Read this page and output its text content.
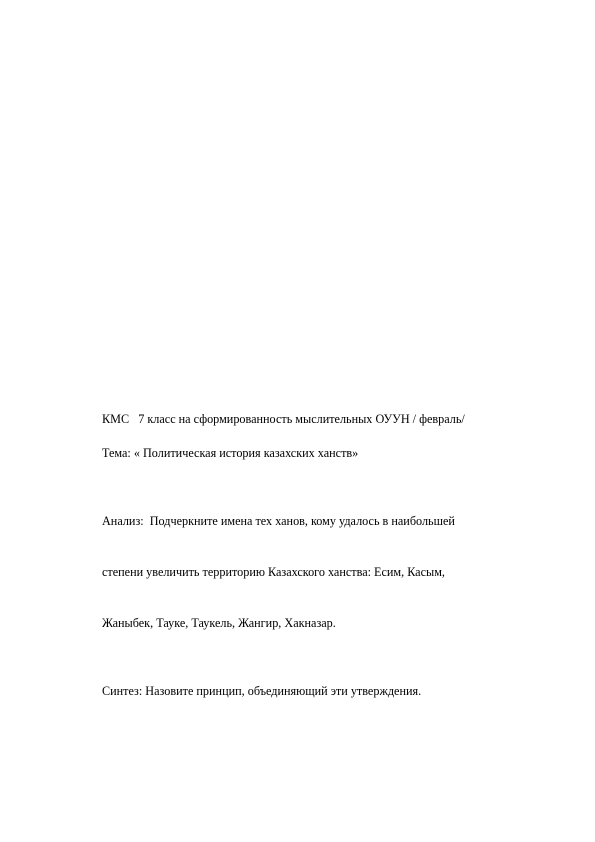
КМС   7 класс на сформированность мыслительных ОУУН / февраль/

Тема: « Политическая история казахских ханств»

Анализ:  Подчеркните имена тех ханов, кому удалось в наибольшей

степени увеличить территорию Казахского ханства: Есим, Касым,

Жаныбек, Тауке, Таукель, Жангир, Хакназар.

Синтез: Назовите принцип, объединяющий эти утверждения.
